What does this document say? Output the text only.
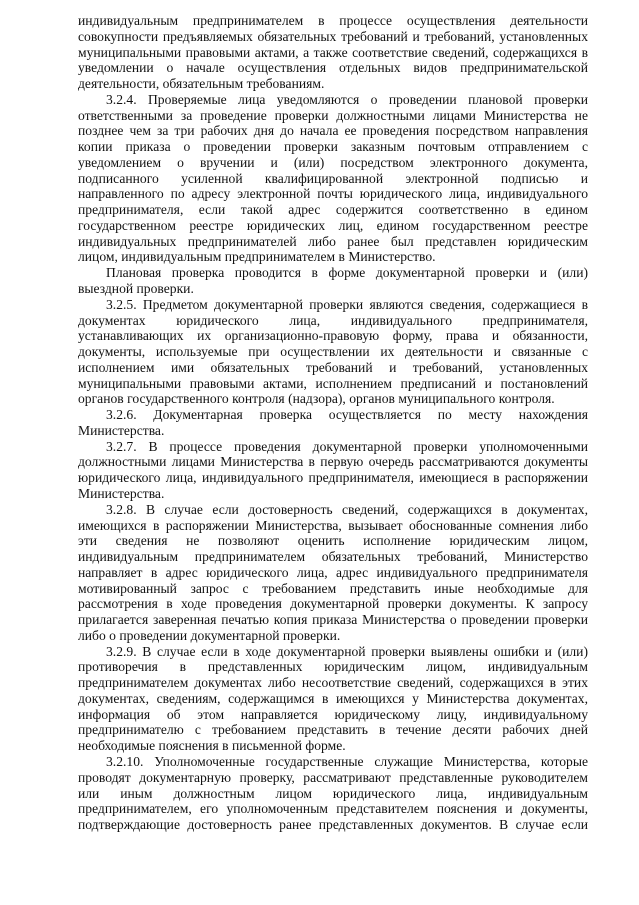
индивидуальным предпринимателем в процессе осуществления деятельности
совокупности предъявляемых обязательных требований и требований, установленных
муниципальными правовыми актами, а также соответствие сведений, содержащихся в
уведомлении о начале осуществления отдельных видов предпринимательской
деятельности, обязательным требованиям.
3.2.4. Проверяемые лица уведомляются о проведении плановой проверки
ответственными за проведение проверки должностными лицами Министерства не
позднее чем за три рабочих дня до начала ее проведения посредством направления
копии приказа о проведении проверки заказным почтовым отправлением с
уведомлением о вручении и (или) посредством электронного документа,
подписанного усиленной квалифицированной электронной подписью и
направленного по адресу электронной почты юридического лица, индивидуального
предпринимателя, если такой адрес содержится соответственно в едином
государственном реестре юридических лиц, едином государственном реестре
индивидуальных предпринимателей либо ранее был представлен юридическим
лицом, индивидуальным предпринимателем в Министерство.
Плановая проверка проводится в форме документарной проверки и (или)
выездной проверки.
3.2.5. Предметом документарной проверки являются сведения, содержащиеся в
документах юридического лица, индивидуального предпринимателя,
устанавливающих их организационно-правовую форму, права и обязанности,
документы, используемые при осуществлении их деятельности и связанные с
исполнением ими обязательных требований и требований, установленных
муниципальными правовыми актами, исполнением предписаний и постановлений
органов государственного контроля (надзора), органов муниципального контроля.
3.2.6. Документарная проверка осуществляется по месту нахождения
Министерства.
3.2.7. В процессе проведения документарной проверки уполномоченными
должностными лицами Министерства в первую очередь рассматриваются документы
юридического лица, индивидуального предпринимателя, имеющиеся в распоряжении
Министерства.
3.2.8. В случае если достоверность сведений, содержащихся в документах,
имеющихся в распоряжении Министерства, вызывает обоснованные сомнения либо
эти сведения не позволяют оценить исполнение юридическим лицом,
индивидуальным предпринимателем обязательных требований, Министерство
направляет в адрес юридического лица, адрес индивидуального предпринимателя
мотивированный запрос с требованием представить иные необходимые для
рассмотрения в ходе проведения документарной проверки документы. К запросу
прилагается заверенная печатью копия приказа Министерства о проведении проверки
либо о проведении документарной проверки.
3.2.9. В случае если в ходе документарной проверки выявлены ошибки и (или)
противоречия в представленных юридическим лицом, индивидуальным
предпринимателем документах либо несоответствие сведений, содержащихся в этих
документах, сведениям, содержащимся в имеющихся у Министерства документах,
информация об этом направляется юридическому лицу, индивидуальному
предпринимателю с требованием представить в течение десяти рабочих дней
необходимые пояснения в письменной форме.
3.2.10. Уполномоченные государственные служащие Министерства, которые
проводят документарную проверку, рассматривают представленные руководителем
или иным должностным лицом юридического лица, индивидуальным
предпринимателем, его уполномоченным представителем пояснения и документы,
подтверждающие достоверность ранее представленных документов. В случае если
